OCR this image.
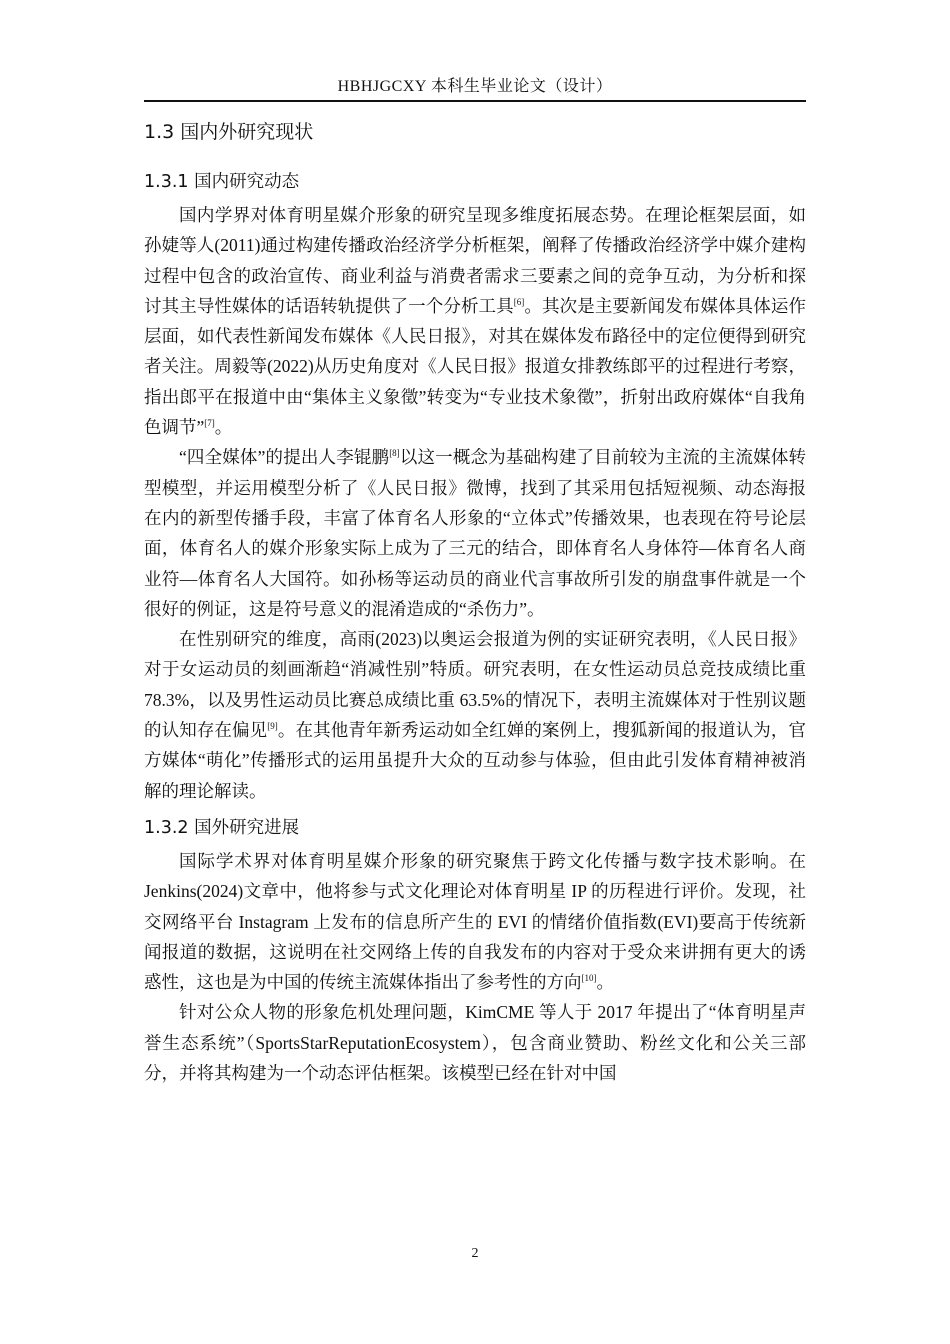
HBHJGCXY 本科生毕业论文（设计）
1.3 国内外研究现状
1.3.1 国内研究动态

国内学界对体育明星媒介形象的研究呈现多维度拓展态势。在理论框架层面，如孙婕等人(2011)通过构建传播政治经济学分析框架，阐释了传播政治经济学中媒介建构过程中包含的政治宣传、商业利益与消费者需求三要素之间的竞争互动，为分析和探讨其主导性媒体的话语转轨提供了一个分析工具[6]。其次是主要新闻发布媒体具体运作层面，如代表性新闻发布媒体《人民日报》，对其在媒体发布路径中的定位便得到研究者关注。周毅等(2022)从历史角度对《人民日报》报道女排教练郎平的过程进行考察，指出郎平在报道中由“集体主义象徵”转变为“专业技术象徵”，折射出政府媒体“自我角色调节”[7]。

“四全媒体”的提出人李锟鹏[8]以这一概念为基础构建了目前较为主流的主流媒体转型模型，并运用模型分析了《人民日报》微博，找到了其采用包括短视频、动态海报在内的新型传播手段，丰富了体育名人形象的“立体式”传播效果，也表现在符号论层面，体育名人的媒介形象实际上成为了三元的结合，即体育名人身体符—体育名人商业符—体育名人大国符。如孙杨等运动员的商业代言事故所引发的崩盘事件就是一个很好的例证，这是符号意义的混淆造成的“杀伤力”。

在性别研究的维度，高雨(2023)以奥运会报道为例的实证研究表明，《人民日报》对于女运动员的刻画渐趋“消减性别”特质。研究表明，在女性运动员总竞技成绩比重 78.3%，以及男性运动员比赛总成绩比重 63.5%的情况下，表明主流媒体对于性别议题的认知存在偏见[9]。在其他青年新秀运动如全红婵的案例上，搜狐新闻的报道认为，官方媒体“萌化”传播形式的运用虽提升大众的互动参与体验，但由此引发体育精神被消解的理论解读。

1.3.2 国外研究进展

国际学术界对体育明星媒介形象的研究聚焦于跨文化传播与数字技术影响。在 Jenkins(2024)文章中，他将参与式文化理论对体育明星 IP 的历程进行评价。发现，社交网络平台 Instagram 上发布的信息所产生的 EVI 的情绪价值指数(EVI)要高于传统新闻报道的数据，这说明在社交网络上传的自我发布的内容对于受众来讲拥有更大的诱惑性，这也是为中国的传统主流媒体指出了参考性的方向[10]。

针对公众人物的形象危机处理问题，KimCME 等人于 2017 年提出了“体育明星声誉生态系统”（SportsStarReputationEcosystem），包含商业赞助、粉丝文化和公关三部分，并将其构建为一个动态评估框架。该模型已经在针对中国

2
